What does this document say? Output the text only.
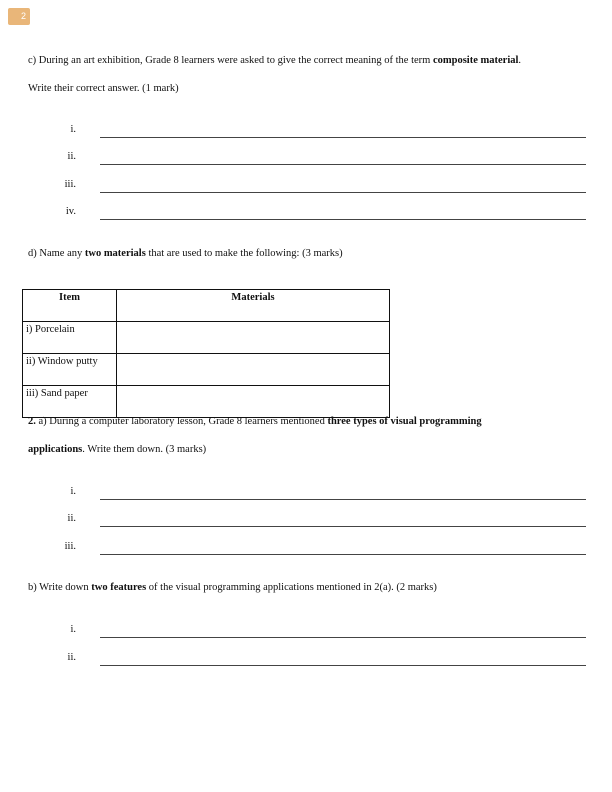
2
c) During an art exhibition, Grade 8 learners were asked to give the correct meaning of the term composite material.
Write their correct answer. (1 mark)
i.
ii.
iii.
iv.
d) Name any two materials that are used to make the following: (3 marks)
Item	Materials
i) Porcelain	
ii) Window putty	
iii) Sand paper	
2. a) During a computer laboratory lesson, Grade 8 learners mentioned three types of visual programming
applications. Write them down. (3 marks)
i.
ii.
iii.
b) Write down two features of the visual programming applications mentioned in 2(a). (2 marks)
i.
ii.
